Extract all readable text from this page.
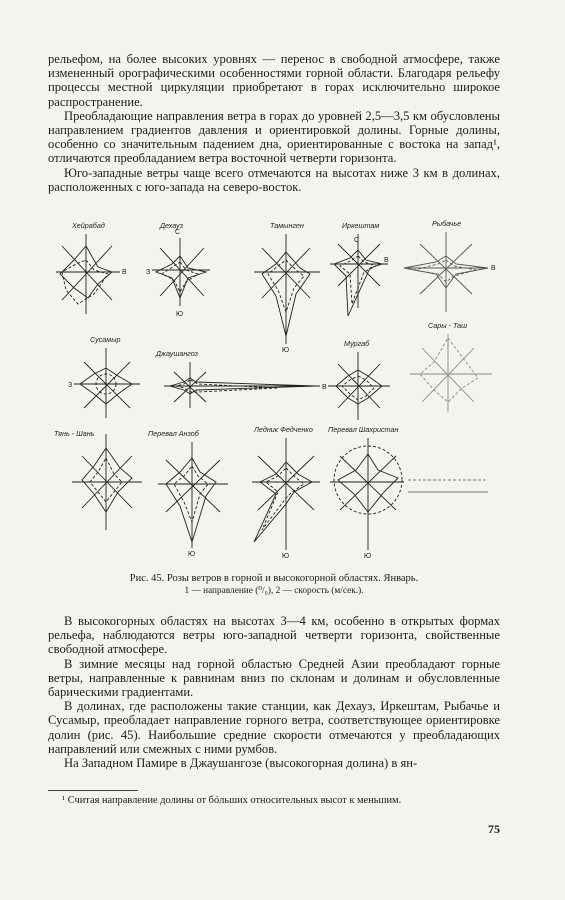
рельефом, на более высоких уровнях — перенос в свободной атмосфере, также измененный орографическими особенностями горной области. Благодаря рельефу процессы местной циркуляции приобретают в горах исключительно широкое распространение.

Преобладающие направления ветра в горах до уровней 2,5—3,5 км обусловлены направлением градиентов давления и ориентировкой долины. Горные долины, особенно со значительным падением дна, ориентированные с востока на запад¹, отличаются преобладанием ветра восточной четверти горизонта.

Юго-западные ветры чаще всего отмечаются на высотах ниже 3 км в долинах, расположенных с юго-запада на северо-восток.

Хейрабад
В
Дехауз
С
З
Ю
Тамынген
Ю
Иркештам
С
В
Рыбачье
В
Сусамыр
З
Джаушангоз
В
Мургаб
Сары - Таш
Тянь - Шань	Перевал Анзоб
Ю
Ледник Федченко
Ю
Перевал Шахристан
Ю
Рис. 45. Розы ветров в горной и высокогорной областях. Январь.
1 — направление (⁰/₀), 2 — скорость (м/сек.).

В высокогорных областях на высотах 3—4 км, особенно в открытых формах рельефа, наблюдаются ветры юго-западной четверти горизонта, свойственные свободной атмосфере.

В зимние месяцы над горной областью Средней Азии преобладают горные ветры, направленные к равнинам вниз по склонам и долинам и обусловленные барическими градиентами.

В долинах, где расположены такие станции, как Дехауз, Иркештам, Рыбачье и Сусамыр, преобладает направление горного ветра, соответствующее ориентировке долин (рис. 45). Наибольшие средние скорости отмечаются у преобладающих направлений или смежных с ними румбов.

На Западном Памире в Джаушангозе (высокогорная долина) в ян-

¹ Считая направление долины от бóльших относительных высот к меньшим.
75
